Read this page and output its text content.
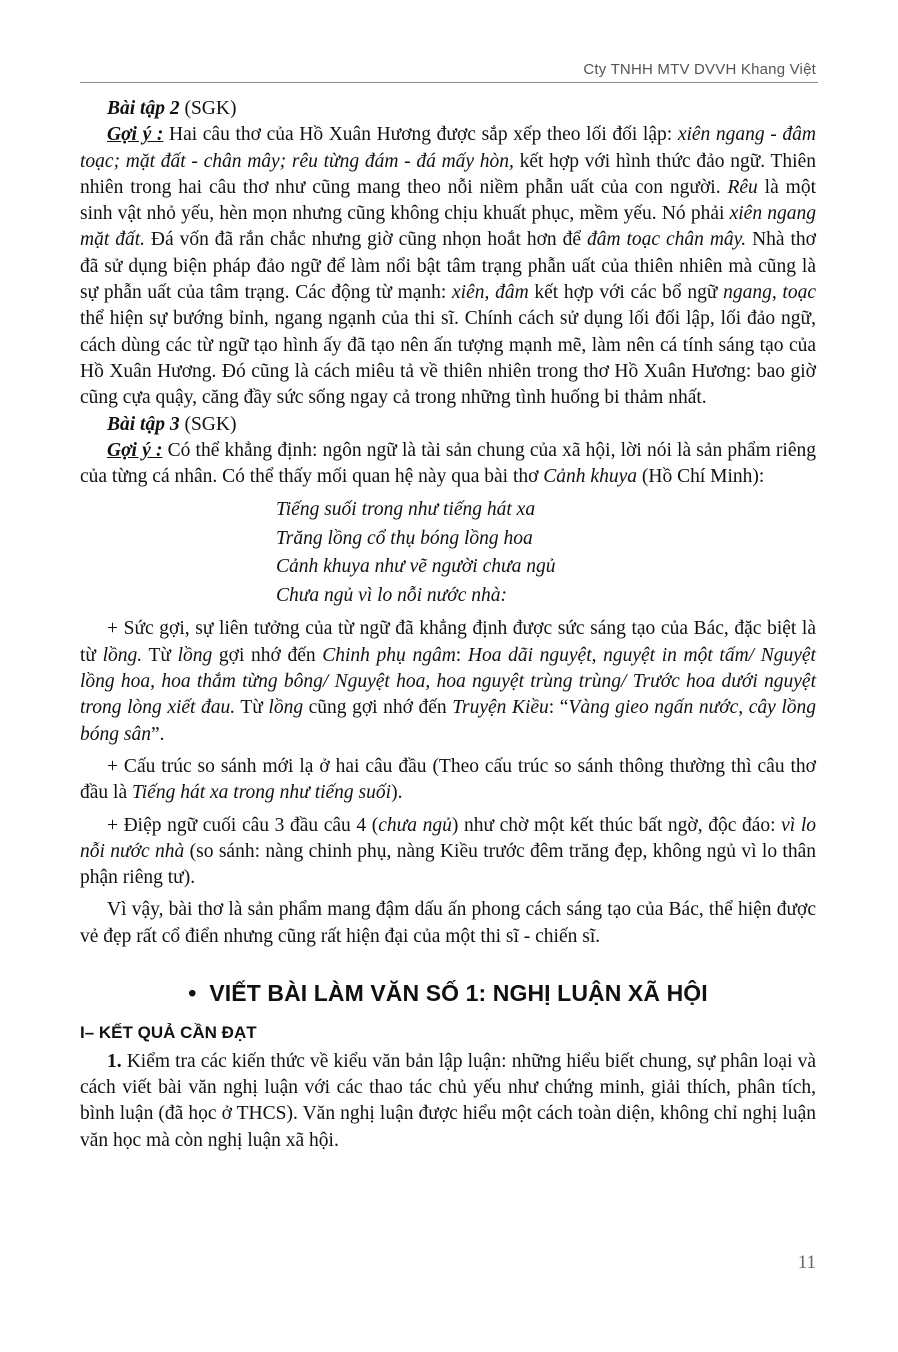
Cty TNHH MTV DVVH Khang Việt

Bài tập 2 (SGK)

Gợi ý : Hai câu thơ của Hồ Xuân Hương được sắp xếp theo lối đối lập: xiên ngang - đâm toạc; mặt đất - chân mây; rêu từng đám - đá mấy hòn, kết hợp với hình thức đảo ngữ. Thiên nhiên trong hai câu thơ như cũng mang theo nỗi niềm phẫn uất của con người. Rêu là một sinh vật nhỏ yếu, hèn mọn nhưng cũng không chịu khuất phục, mềm yếu. Nó phải xiên ngang mặt đất. Đá vốn đã rắn chắc nhưng giờ cũng nhọn hoắt hơn để đâm toạc chân mây. Nhà thơ đã sử dụng biện pháp đảo ngữ để làm nổi bật tâm trạng phẫn uất của thiên nhiên mà cũng là sự phẫn uất của tâm trạng. Các động từ mạnh: xiên, đâm kết hợp với các bổ ngữ ngang, toạc thể hiện sự bướng bỉnh, ngang ngạnh của thi sĩ. Chính cách sử dụng lối đối lập, lối đảo ngữ, cách dùng các từ ngữ tạo hình ấy đã tạo nên ấn tượng mạnh mẽ, làm nên cá tính sáng tạo của Hồ Xuân Hương. Đó cũng là cách miêu tả về thiên nhiên trong thơ Hồ Xuân Hương: bao giờ cũng cựa quậy, căng đầy sức sống ngay cả trong những tình huống bi thảm nhất.

Bài tập 3 (SGK)

Gợi ý : Có thể khẳng định: ngôn ngữ là tài sản chung của xã hội, lời nói là sản phẩm riêng của từng cá nhân. Có thể thấy mối quan hệ này qua bài thơ Cảnh khuya (Hồ Chí Minh):

Tiếng suối trong như tiếng hát xa
Trăng lồng cổ thụ bóng lồng hoa
Cảnh khuya như vẽ người chưa ngủ
Chưa ngủ vì lo nỗi nước nhà:

+ Sức gợi, sự liên tưởng của từ ngữ đã khẳng định được sức sáng tạo của Bác, đặc biệt là từ lồng. Từ lồng gợi nhớ đến Chinh phụ ngâm: Hoa dãi nguyệt, nguyệt in một tấm/ Nguyệt lồng hoa, hoa thắm từng bông/ Nguyệt hoa, hoa nguyệt trùng trùng/ Trước hoa dưới nguyệt trong lòng xiết đau. Từ lồng cũng gợi nhớ đến Truyện Kiều: “Vàng gieo ngấn nước, cây lồng bóng sân”.

+ Cấu trúc so sánh mới lạ ở hai câu đầu (Theo cấu trúc so sánh thông thường thì câu thơ đầu là Tiếng hát xa trong như tiếng suối).

+ Điệp ngữ cuối câu 3 đầu câu 4 (chưa ngủ) như chờ một kết thúc bất ngờ, độc đáo: vì lo nỗi nước nhà (so sánh: nàng chinh phụ, nàng Kiều trước đêm trăng đẹp, không ngủ vì lo thân phận riêng tư).

Vì vậy, bài thơ là sản phẩm mang đậm dấu ấn phong cách sáng tạo của Bác, thể hiện được vẻ đẹp rất cổ điển nhưng cũng rất hiện đại của một thi sĩ - chiến sĩ.

• VIẾT BÀI LÀM VĂN SỐ 1: NGHỊ LUẬN XÃ HỘI
I– KẾT QUẢ CẦN ĐẠT

1. Kiểm tra các kiến thức về kiểu văn bản lập luận: những hiểu biết chung, sự phân loại và cách viết bài văn nghị luận với các thao tác chủ yếu như chứng minh, giải thích, phân tích, bình luận (đã học ở THCS). Văn nghị luận được hiểu một cách toàn diện, không chỉ nghị luận văn học mà còn nghị luận xã hội.

11
